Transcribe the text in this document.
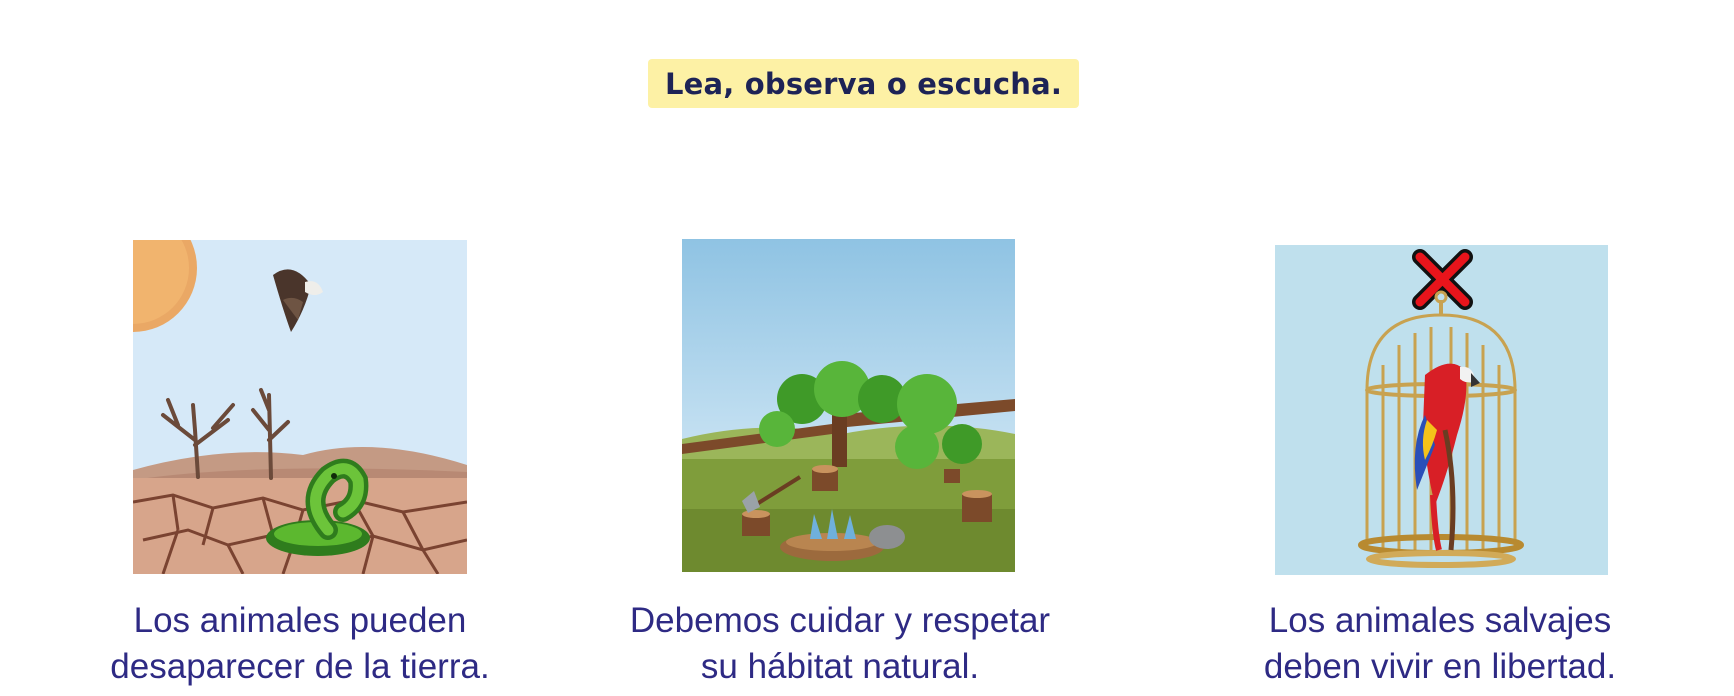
Lea, observa o escucha.
Los animales pueden
desaparecer de la tierra.
Debemos cuidar y respetar
su hábitat natural.
Los animales salvajes
deben vivir en libertad.
